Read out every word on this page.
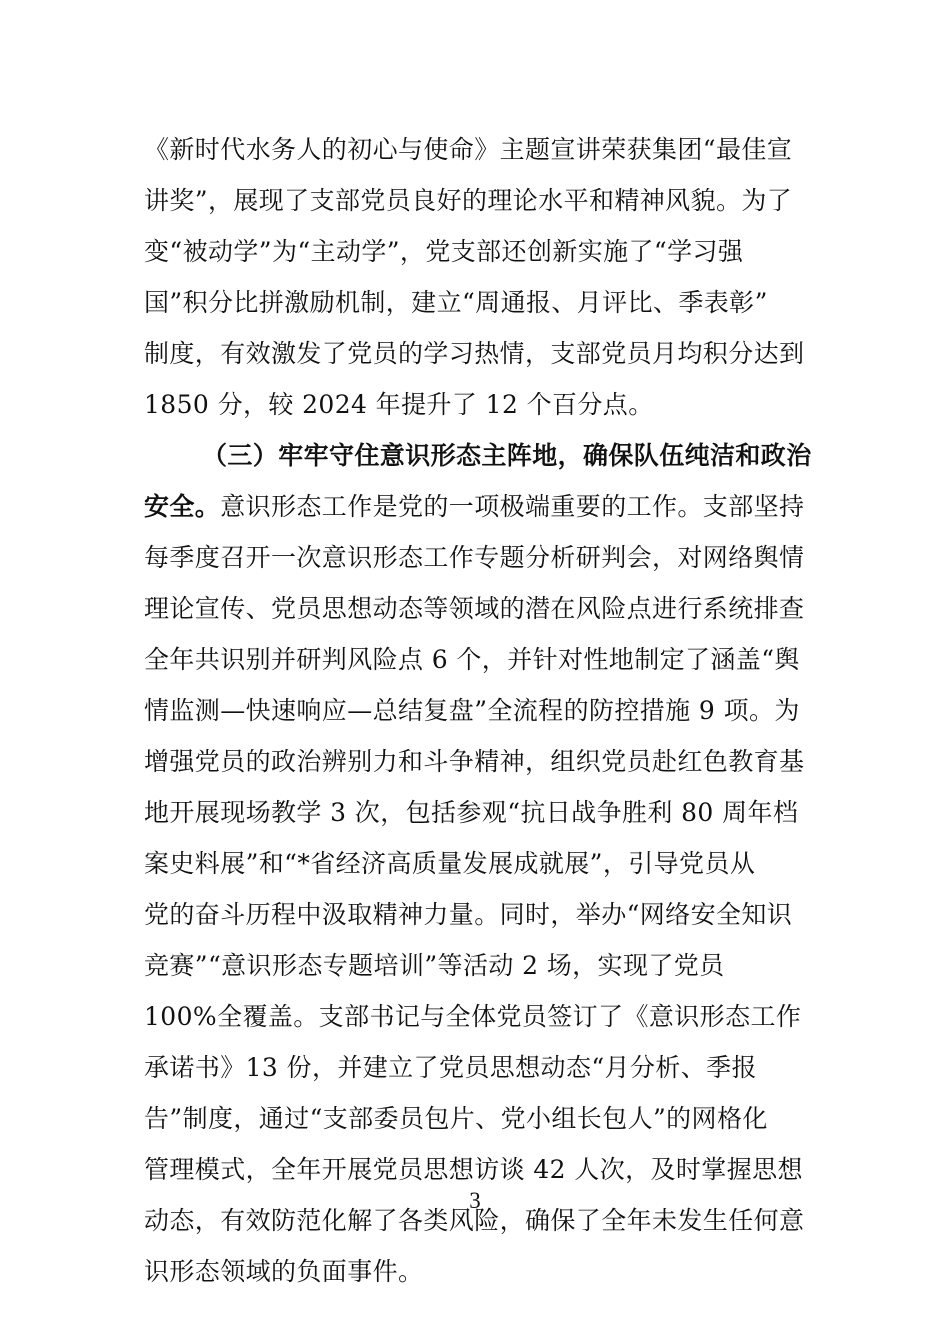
《新时代水务人的初心与使命》主题宣讲荣获集团“最佳宣
讲奖”，展现了支部党员良好的理论水平和精神风貌。为了
变“被动学”为“主动学”，党支部还创新实施了“学习强
国”积分比拼激励机制，建立“周通报、月评比、季表彰”
制度，有效激发了党员的学习热情，支部党员月均积分达到
1850 分，较 2024 年提升了 12 个百分点。
（三）牢牢守住意识形态主阵地，确保队伍纯洁和政治
安全。意识形态工作是党的一项极端重要的工作。支部坚持
每季度召开一次意识形态工作专题分析研判会，对网络舆情
理论宣传、党员思想动态等领域的潜在风险点进行系统排查
全年共识别并研判风险点 6 个，并针对性地制定了涵盖“舆
情监测—快速响应—总结复盘”全流程的防控措施 9 项。为
增强党员的政治辨别力和斗争精神，组织党员赴红色教育基
地开展现场教学 3 次，包括参观“抗日战争胜利 80 周年档
案史料展”和“*省经济高质量发展成就展”，引导党员从
党的奋斗历程中汲取精神力量。同时，举办“网络安全知识
竞赛”“意识形态专题培训”等活动 2 场，实现了党员
100%全覆盖。支部书记与全体党员签订了《意识形态工作
承诺书》13 份，并建立了党员思想动态“月分析、季报
告”制度，通过“支部委员包片、党小组长包人”的网格化
管理模式，全年开展党员思想访谈 42 人次，及时掌握思想
动态，有效防范化解了各类风险，确保了全年未发生任何意
识形态领域的负面事件。
3
